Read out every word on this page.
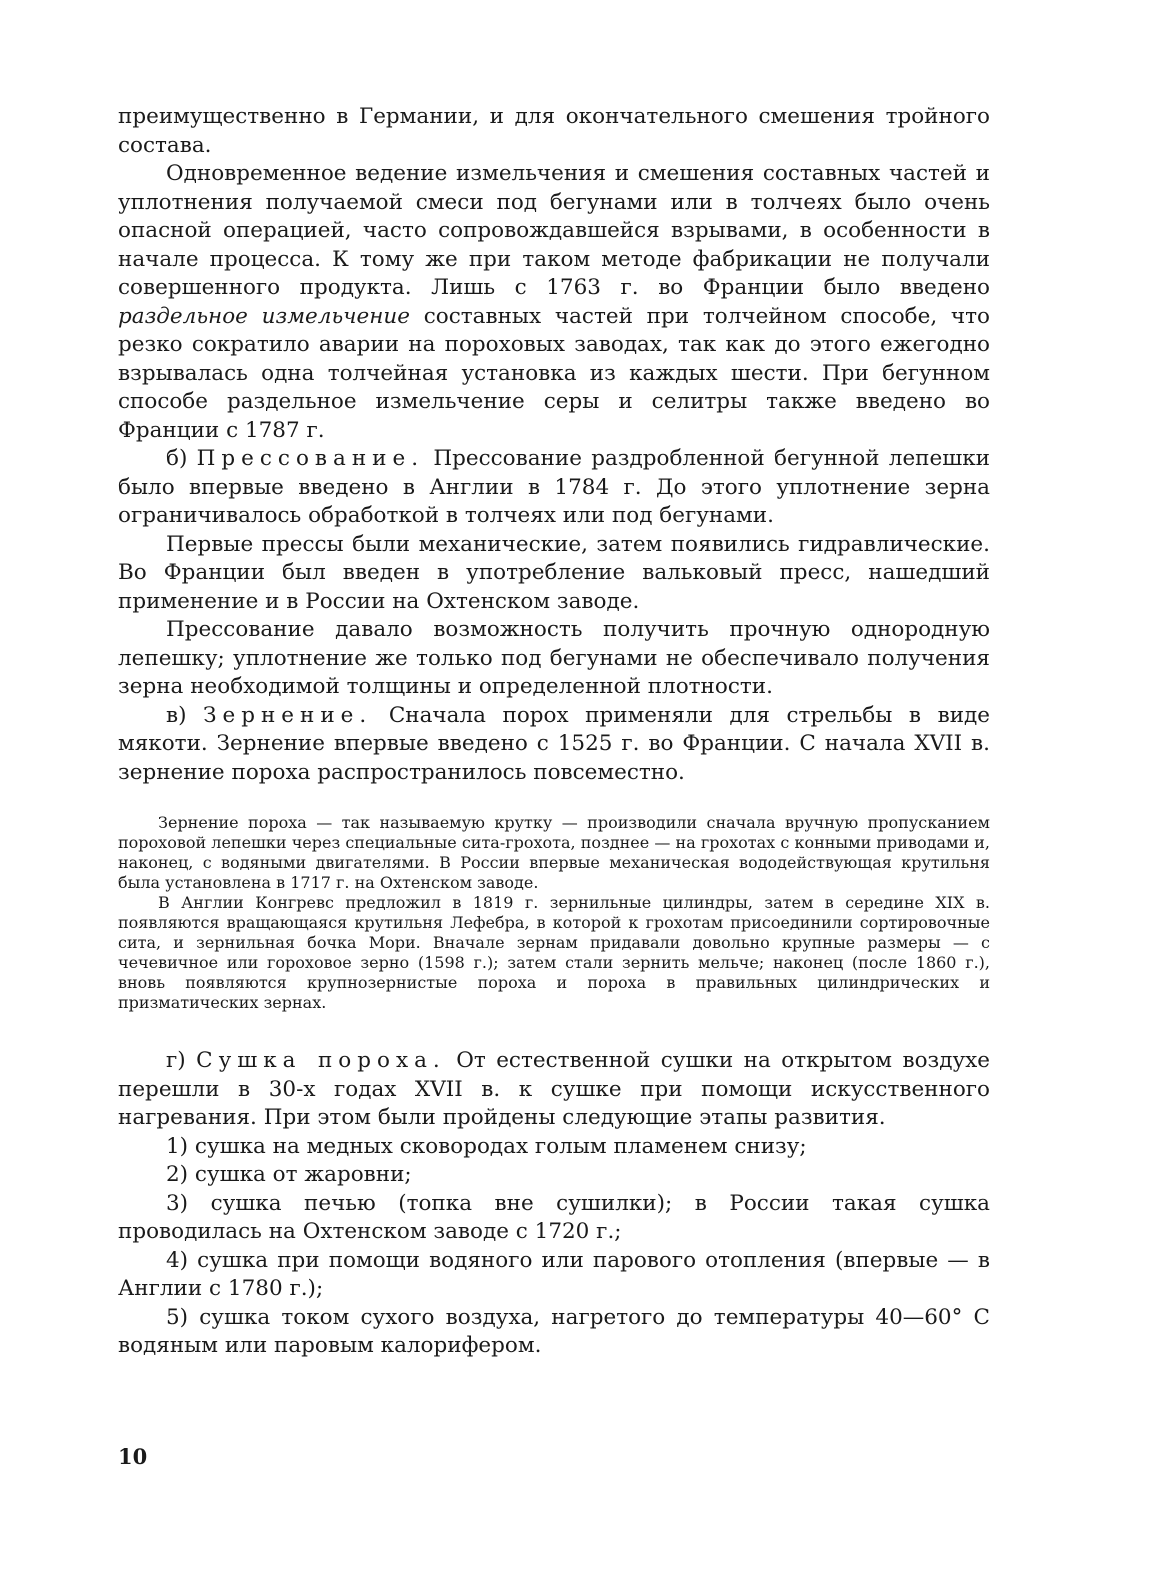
преимущественно в Германии, и для окончательного смешения тройного состава.

Одновременное ведение измельчения и смешения составных частей и уплотнения получаемой смеси под бегунами или в толчеях было очень опасной операцией, часто сопровождавшейся взрывами, в особенности в начале процесса. К тому же при таком методе фабрикации не получали совершенного продукта. Лишь с 1763 г. во Франции было введено раздельное измельчение составных частей при толчейном способе, что резко сократило аварии на пороховых заводах, так как до этого ежегодно взрывалась одна толчейная установка из каждых шести. При бегунном способе раздельное измельчение серы и селитры также введено во Франции с 1787 г.

б) Прессование. Прессование раздробленной бегунной лепешки было впервые введено в Англии в 1784 г. До этого уплотнение зерна ограничивалось обработкой в толчеях или под бегунами.

Первые прессы были механические, затем появились гидравлические. Во Франции был введен в употребление вальковый пресс, нашедший применение и в России на Охтенском заводе.

Прессование давало возможность получить прочную однородную лепешку; уплотнение же только под бегунами не обеспечивало получения зерна необходимой толщины и определенной плотности.

в) Зернение. Сначала порох применяли для стрельбы в виде мякоти. Зернение впервые введено с 1525 г. во Франции. С начала XVII в. зернение пороха распространилось повсеместно.

Зернение пороха — так называемую крутку — производили сначала вручную пропусканием пороховой лепешки через специальные сита-грохота, позднее — на грохотах с конными приводами и, наконец, с водяными двигателями. В России впервые механическая вододействующая крутильня была установлена в 1717 г. на Охтенском заводе.

В Англии Конгревс предложил в 1819 г. зернильные цилиндры, затем в середине XIX в. появляются вращающаяся крутильня Лефебра, в которой к грохотам присоединили сортировочные сита, и зернильная бочка Мори. Вначале зернам придавали довольно крупные размеры — с чечевичное или гороховое зерно (1598 г.); затем стали зернить мельче; наконец (после 1860 г.), вновь появляются крупнозернистые пороха и пороха в правильных цилиндрических и призматических зернах.

г) Сушка пороха. От естественной сушки на открытом воздухе перешли в 30-х годах XVII в. к сушке при помощи искусственного нагревания. При этом были пройдены следующие этапы развития.

1) сушка на медных сковородах голым пламенем снизу;

2) сушка от жаровни;

3) сушка печью (топка вне сушилки); в России такая сушка проводилась на Охтенском заводе с 1720 г.;

4) сушка при помощи водяного или парового отопления (впервые — в Англии с 1780 г.);

5) сушка током сухого воздуха, нагретого до температуры 40—60° С водяным или паровым калорифером.

10
